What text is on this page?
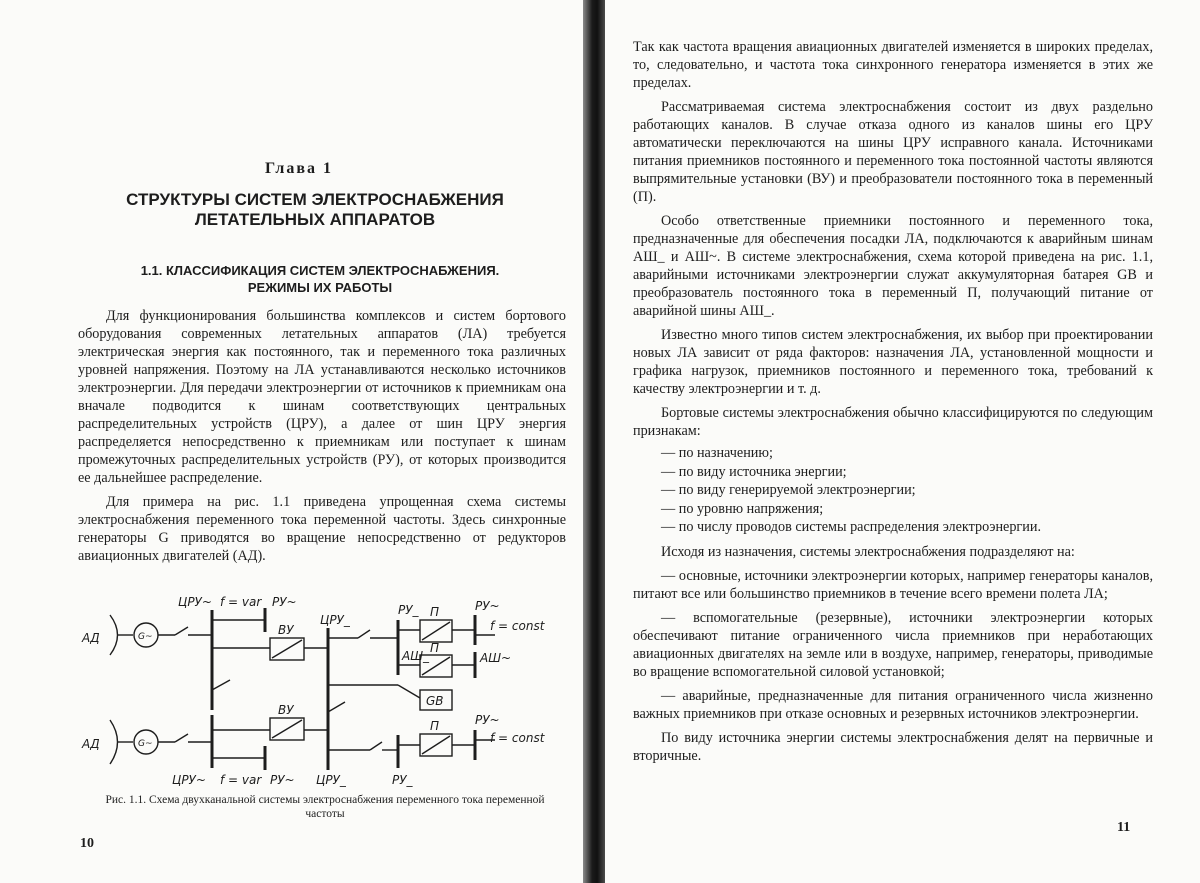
Глава 1
СТРУКТУРЫ СИСТЕМ ЭЛЕКТРОСНАБЖЕНИЯ ЛЕТАТЕЛЬНЫХ АППАРАТОВ
1.1. КЛАССИФИКАЦИЯ СИСТЕМ ЭЛЕКТРОСНАБЖЕНИЯ. РЕЖИМЫ ИХ РАБОТЫ

Для функционирования большинства комплексов и систем бортового оборудования современных летательных аппаратов (ЛА) требуется электрическая энергия как постоянного, так и переменного тока различных уровней напряжения. Поэтому на ЛА устанавливаются несколько источников электроэнергии. Для передачи электроэнергии от источников к приемникам она вначале подводится к шинам соответствующих центральных распределительных устройств (ЦРУ), а далее от шин ЦРУ энергия распределяется непосредственно к приемникам или поступает к шинам промежуточных распределительных устройств (РУ), от которых производится ее дальнейшее распределение.

Для примера на рис. 1.1 приведена упрощенная схема системы электроснабжения переменного тока переменной частоты. Здесь синхронные генераторы G приводятся во вращение непосредственно от редукторов авиационных двигателей (АД).

АД	G~
ЦРУ~ f = var РУ~
ВУ
ЦРУ_
РУ_ П	РУ~
f = const
АШ_
П
АШ~
GB
ВУ
АД	G~
П	РУ~
f = const
ЦРУ~ f = var РУ~ ЦРУ_	РУ_
Рис. 1.1. Схема двухканальной системы электроснабжения переменного тока переменной частоты
10

Так как частота вращения авиационных двигателей изменяется в широких пределах, то, следовательно, и частота тока синхронного генератора изменяется в этих же пределах.

Рассматриваемая система электроснабжения состоит из двух раздельно работающих каналов. В случае отказа одного из каналов шины его ЦРУ автоматически переключаются на шины ЦРУ исправного канала. Источниками питания приемников постоянного и переменного тока постоянной частоты являются выпрямительные установки (ВУ) и преобразователи постоянного тока в переменный (П).

Особо ответственные приемники постоянного и переменного тока, предназначенные для обеспечения посадки ЛА, подключаются к аварийным шинам АШ_ и АШ~. В системе электроснабжения, схема которой приведена на рис. 1.1, аварийными источниками электроэнергии служат аккумуляторная батарея GB и преобразователь постоянного тока в переменный П, получающий питание от аварийной шины АШ_.

Известно много типов систем электроснабжения, их выбор при проектировании новых ЛА зависит от ряда факторов: назначения ЛА, установленной мощности и графика нагрузок, приемников постоянного и переменного тока, требований к качеству электроэнергии и т. д.

Бортовые системы электроснабжения обычно классифицируются по следующим признакам:

— по назначению;

— по виду источника энергии;

— по виду генерируемой электроэнергии;

— по уровню напряжения;

— по числу проводов системы распределения электроэнергии.

Исходя из назначения, системы электроснабжения подразделяют на:

— основные, источники электроэнергии которых, например генераторы каналов, питают все или большинство приемников в течение всего времени полета ЛА;

— вспомогательные (резервные), источники электроэнергии которых обеспечивают питание ограниченного числа приемников при неработающих авиационных двигателях на земле или в воздухе, например, генераторы, приводимые во вращение вспомогательной силовой установкой;

— аварийные, предназначенные для питания ограниченного числа жизненно важных приемников при отказе основных и резервных источников электроэнергии.

По виду источника энергии системы электроснабжения делят на первичные и вторичные.

11
